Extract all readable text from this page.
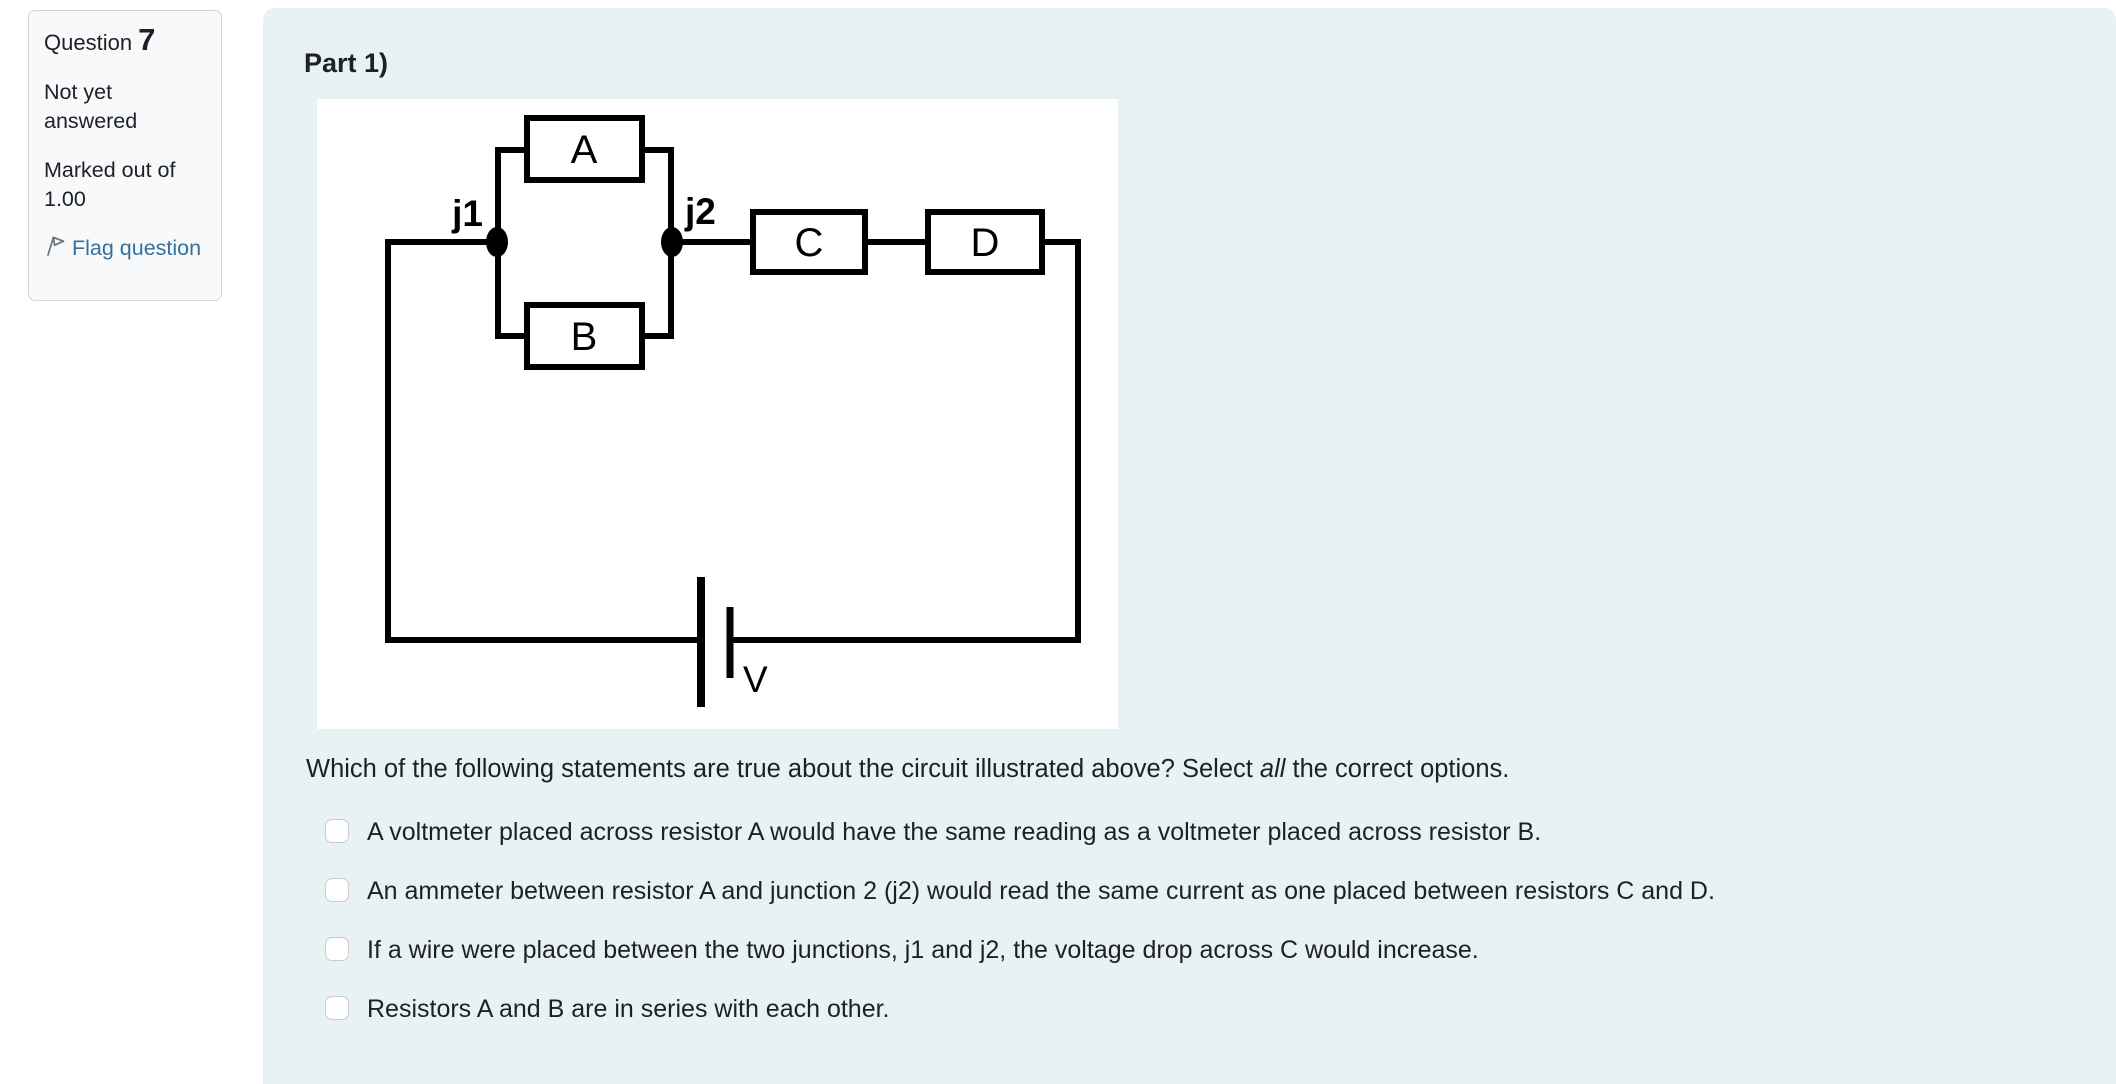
Question 7

Not yet answered

Marked out of 1.00

Flag question
Part 1)
A
B
C	D
j1	j2
V
Which of the following statements are true about the circuit illustrated above? Select all the correct options.
A voltmeter placed across resistor A would have the same reading as a voltmeter placed across resistor B.
An ammeter between resistor A and junction 2 (j2) would read the same current as one placed between resistors C and D.
If a wire were placed between the two junctions, j1 and j2, the voltage drop across C would increase.
Resistors A and B are in series with each other.
